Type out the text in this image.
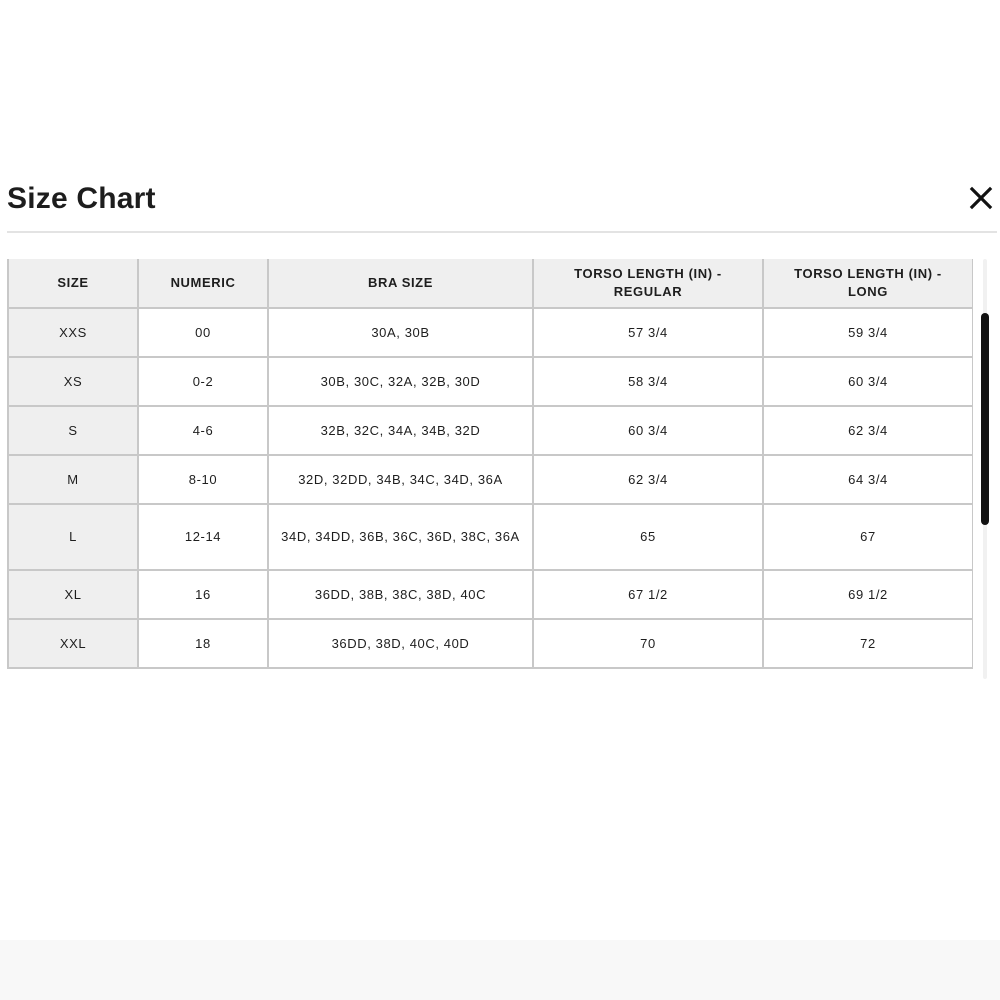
Size Chart
SIZE	NUMERIC	BRA SIZE	TORSO LENGTH (IN) - REGULAR	TORSO LENGTH (IN) - LONG
XXS	00	30A, 30B	57 3/4	59 3/4
XS	0-2	30B, 30C, 32A, 32B, 30D	58 3/4	60 3/4
S	4-6	32B, 32C, 34A, 34B, 32D	60 3/4	62 3/4
M	8-10	32D, 32DD, 34B, 34C, 34D, 36A	62 3/4	64 3/4
L	12-14	34D, 34DD, 36B, 36C, 36D, 38C, 36A	65	67
XL	16	36DD, 38B, 38C, 38D, 40C	67 1/2	69 1/2
XXL	18	36DD, 38D, 40C, 40D	70	72
